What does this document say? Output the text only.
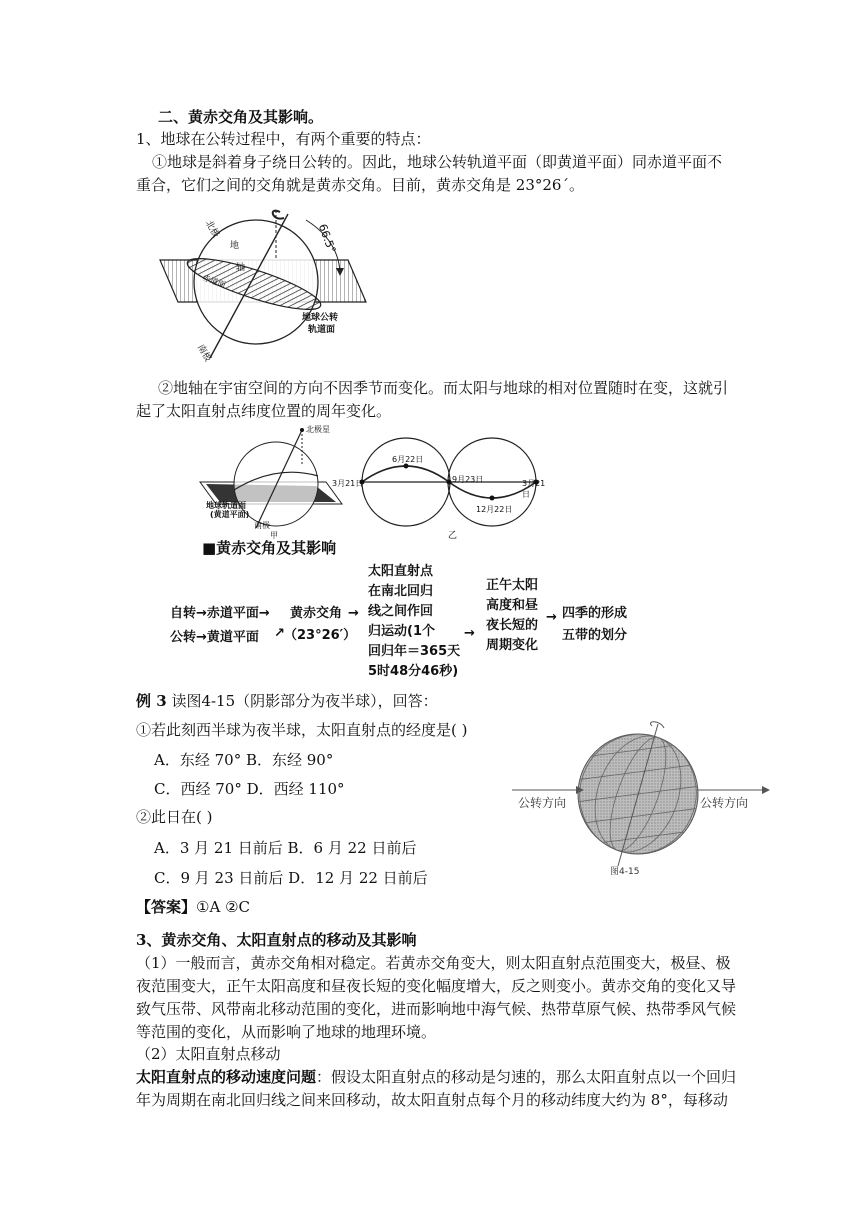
二、黄赤交角及其影响。
1、地球在公转过程中，有两个重要的特点：
①地球是斜着身子绕日公转的。因此，地球公转轨道平面（即黄道平面）同赤道平面不
重合，它们之间的交角就是黄赤交角。目前，黄赤交角是 23°26ˊ。
北极
地
轴
66.5°
赤道面
地球公转
轨道面
南极
②地轴在宇宙空间的方向不因季节而变化。而太阳与地球的相对位置随时在变，这就引
起了太阳直射点纬度位置的周年变化。
北极星
地球轨道面
(黄道平面)
南极
甲
3月21日
6月22日
9月23日
12月22日
3月21日
乙
■黄赤交角及其影响
自转→赤道平面→
公转→黄道平面 ↗
黄赤交角
（23°26′）
→
太阳直射点
在南北回归
线之间作回
归运动(1个
回归年＝365天
5时48分46秒)
→
正午太阳
高度和昼
夜长短的
周期变化
→ 四季的形成
五带的划分
例 3 读图4-15（阴影部分为夜半球），回答：
①若此刻西半球为夜半球，太阳直射点的经度是( )
A．东经 70° B．东经 90°
C．西经 70° D．西经 110°
②此日在( )
A．3 月 21 日前后 B．6 月 22 日前后
C．9 月 23 日前后 D．12 月 22 日前后
【答案】①A ②C
公转方向	公转方向
图4-15
3、黄赤交角、太阳直射点的移动及其影响
（1）一般而言，黄赤交角相对稳定。若黄赤交角变大，则太阳直射点范围变大，极昼、极
夜范围变大，正午太阳高度和昼夜长短的变化幅度增大，反之则变小。黄赤交角的变化又导
致气压带、风带南北移动范围的变化，进而影响地中海气候、热带草原气候、热带季风气候
等范围的变化，从而影响了地球的地理环境。
（2）太阳直射点移动
太阳直射点的移动速度问题：假设太阳直射点的移动是匀速的，那么太阳直射点以一个回归
年为周期在南北回归线之间来回移动，故太阳直射点每个月的移动纬度大约为 8°，每移动
